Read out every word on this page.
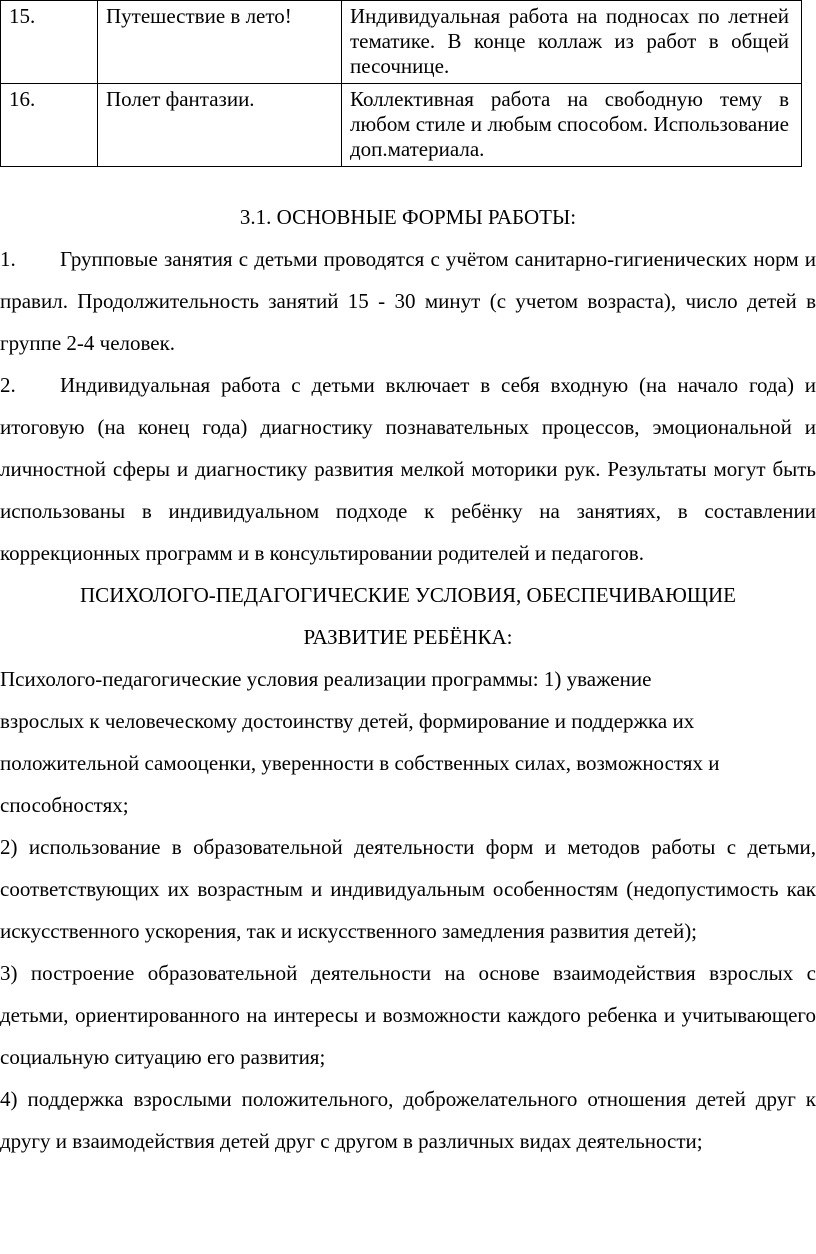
15.	Путешествие в лето!	Индивидуальная работа на подносах по летней тематике. В конце коллаж из работ в общей песочнице.
16.	Полет фантазии.	Коллективная работа на свободную тему в любом стиле и любым способом. Использование доп.материала.

3.1. ОСНОВНЫЕ ФОРМЫ РАБОТЫ:

1. Групповые занятия с детьми проводятся с учётом санитарно-гигиенических норм и правил. Продолжительность занятий 15 - 30 минут (с учетом возраста), число детей в группе 2-4 человек.

2. Индивидуальная работа с детьми включает в себя входную (на начало года) и итоговую (на конец года) диагностику познавательных процессов, эмоциональной и личностной сферы и диагностику развития мелкой моторики рук. Результаты могут быть использованы в индивидуальном подходе к ребёнку на занятиях, в составлении коррекционных программ и в консультировании родителей и педагогов.

ПСИХОЛОГО-ПЕДАГОГИЧЕСКИЕ УСЛОВИЯ, ОБЕСПЕЧИВАЮЩИЕ

РАЗВИТИЕ РЕБЁНКА:

Психолого-педагогические условия реализации программы: 1) уважение

взрослых к человеческому достоинству детей, формирование и поддержка их

положительной самооценки, уверенности в собственных силах, возможностях и

способностях;

2) использование в образовательной деятельности форм и методов работы с детьми, соответствующих их возрастным и индивидуальным особенностям (недопустимость как искусственного ускорения, так и искусственного замедления развития детей);

3) построение образовательной деятельности на основе взаимодействия взрослых с детьми, ориентированного на интересы и возможности каждого ребенка и учитывающего социальную ситуацию его развития;

4) поддержка взрослыми положительного, доброжелательного отношения детей друг к другу и взаимодействия детей друг с другом в различных видах деятельности;
